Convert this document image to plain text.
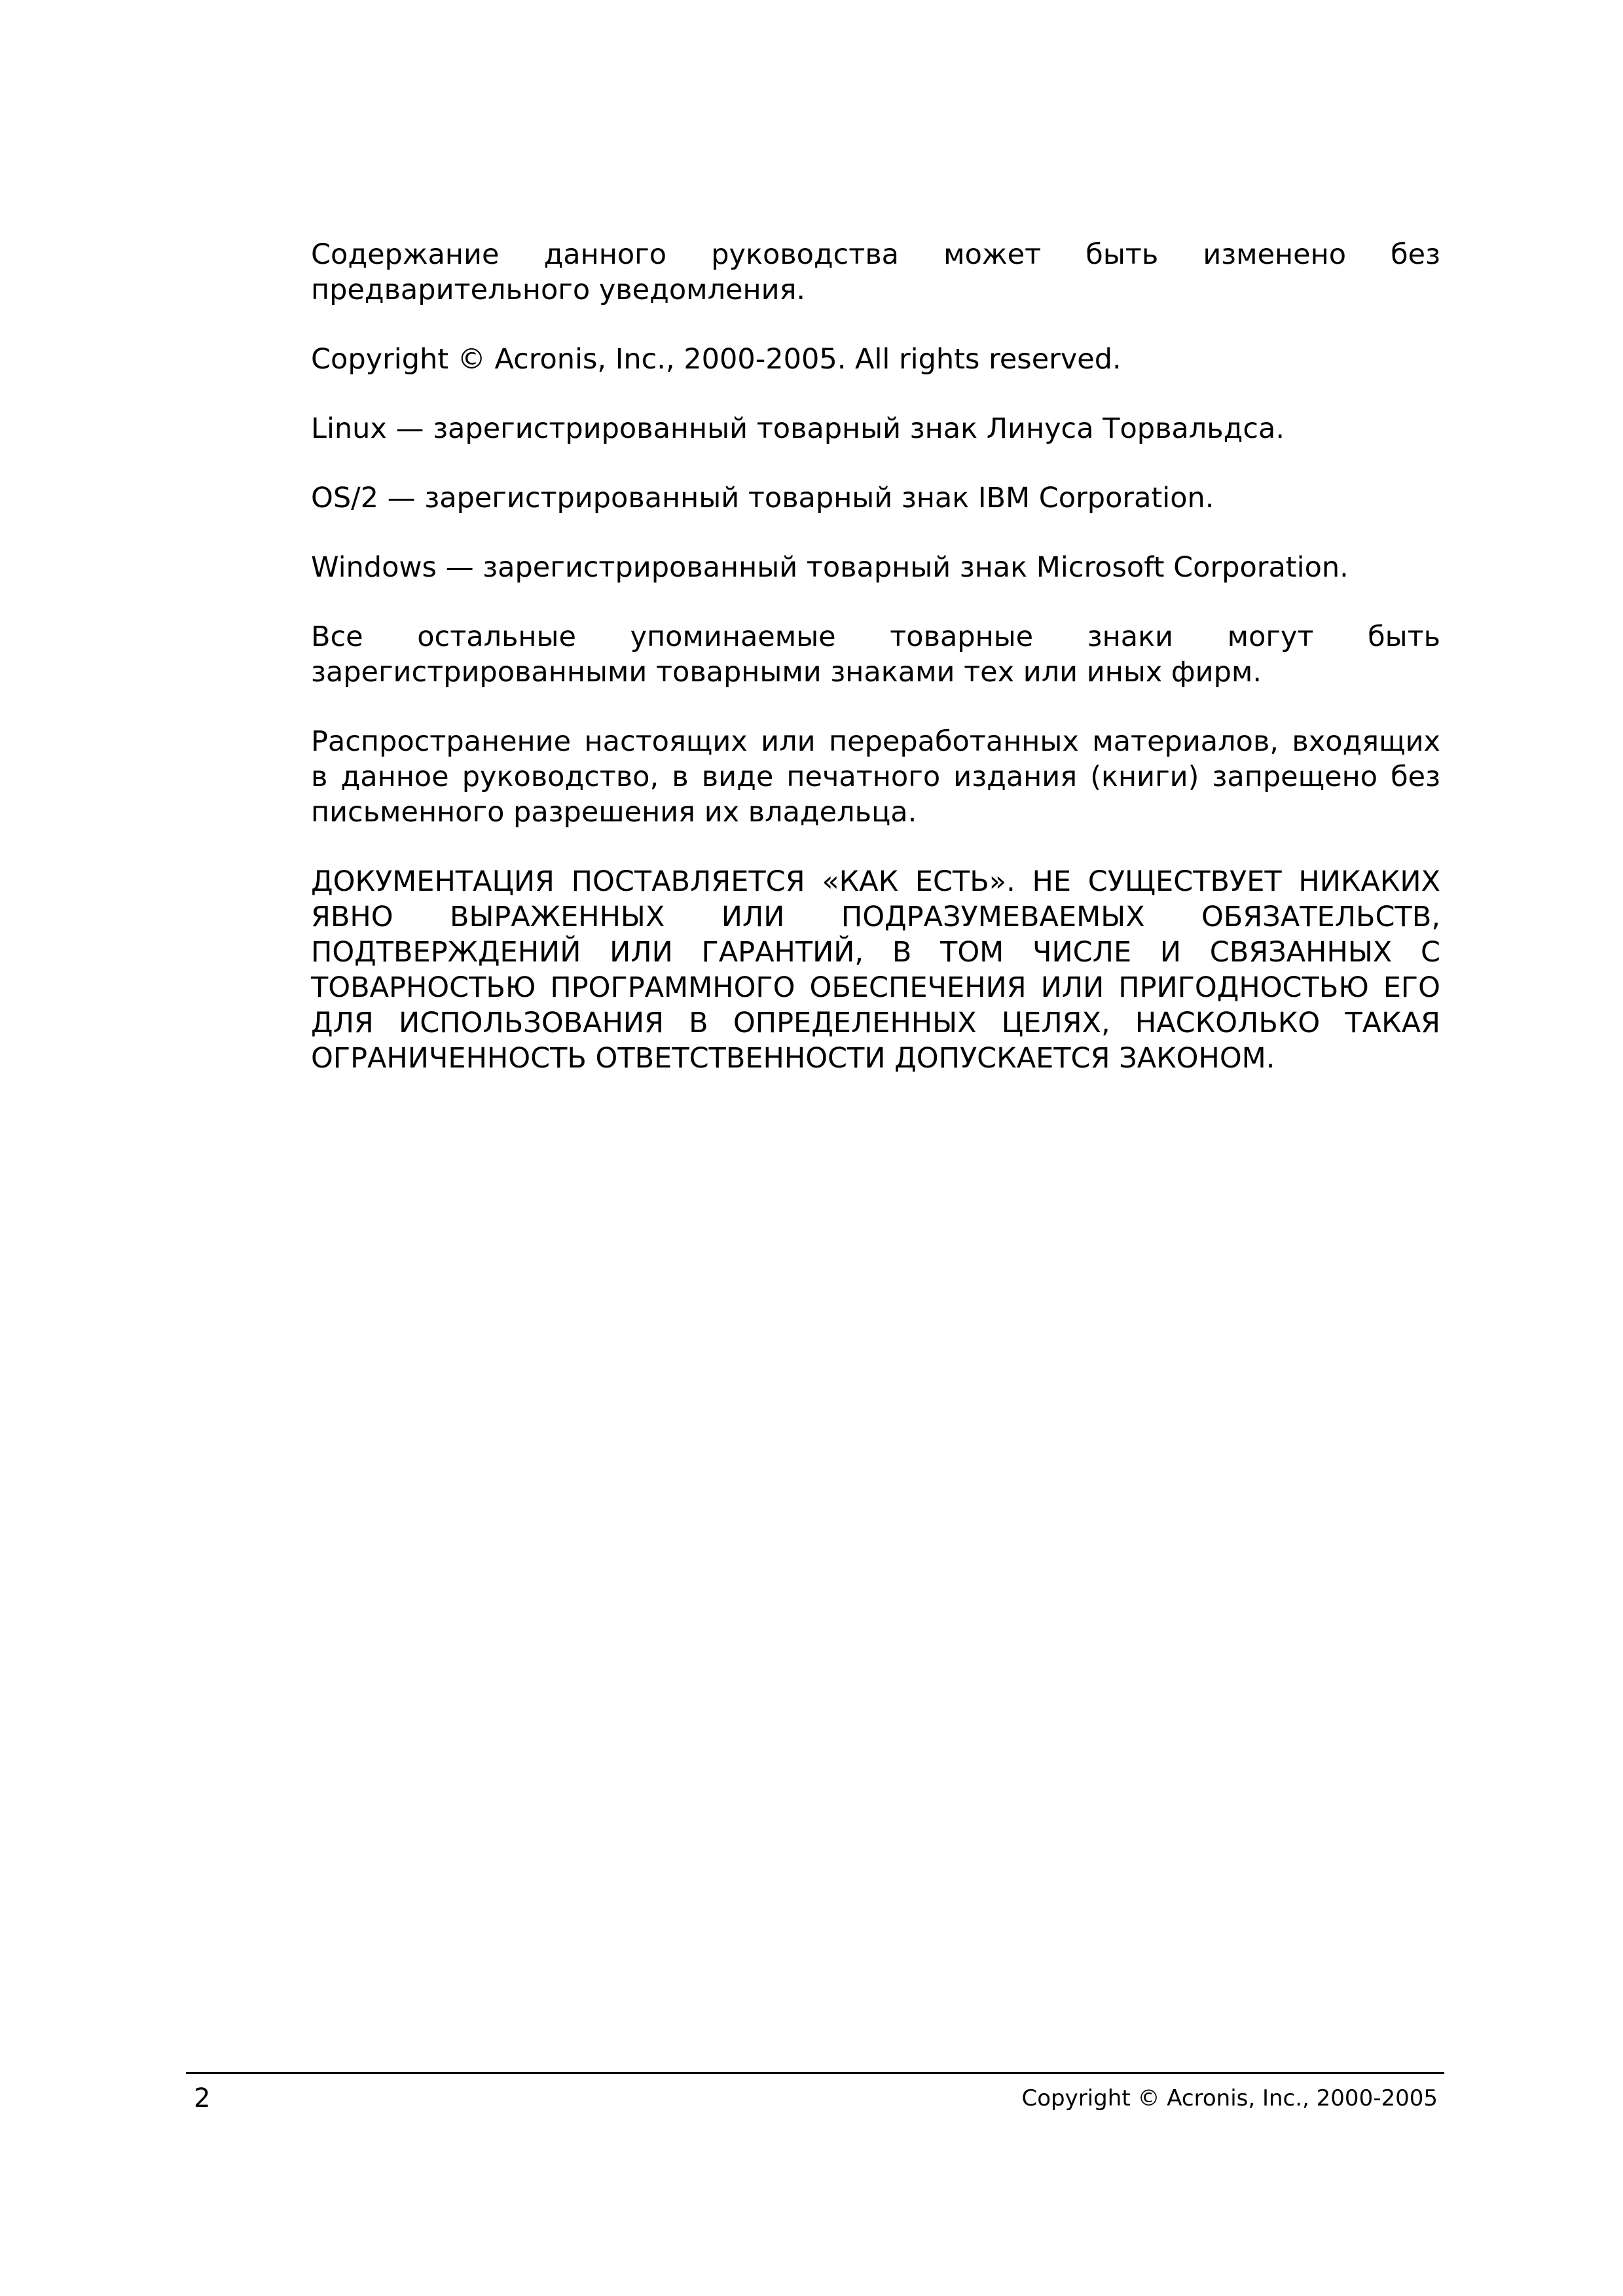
Содержание данного руководства может быть изменено без предварительного уведомления.

Copyright © Acronis, Inc., 2000-2005. All rights reserved.

Linux — зарегистрированный товарный знак Линуса Торвальдса.

OS/2 — зарегистрированный товарный знак IBM Corporation.

Windows — зарегистрированный товарный знак Microsoft Corporation.

Все остальные упоминаемые товарные знаки могут быть зарегистрированными товарными знаками тех или иных фирм.

Распространение настоящих или переработанных материалов, входящих в данное руководство, в виде печатного издания (книги) запрещено без письменного разрешения их владельца.

ДОКУМЕНТАЦИЯ ПОСТАВЛЯЕТСЯ «КАК ЕСТЬ». НЕ СУЩЕСТВУЕТ НИКАКИХ ЯВНО ВЫРАЖЕННЫХ ИЛИ ПОДРАЗУМЕВАЕМЫХ ОБЯЗАТЕЛЬСТВ, ПОДТВЕРЖДЕНИЙ ИЛИ ГАРАНТИЙ, В ТОМ ЧИСЛЕ И СВЯЗАННЫХ С ТОВАРНОСТЬЮ ПРОГРАММНОГО ОБЕСПЕЧЕНИЯ ИЛИ ПРИГОДНОСТЬЮ ЕГО ДЛЯ ИСПОЛЬЗОВАНИЯ В ОПРЕДЕЛЕННЫХ ЦЕЛЯХ, НАСКОЛЬКО ТАКАЯ ОГРАНИЧЕННОСТЬ ОТВЕТСТВЕННОСТИ ДОПУСКАЕТСЯ ЗАКОНОМ.

2	Copyright © Acronis, Inc., 2000-2005
